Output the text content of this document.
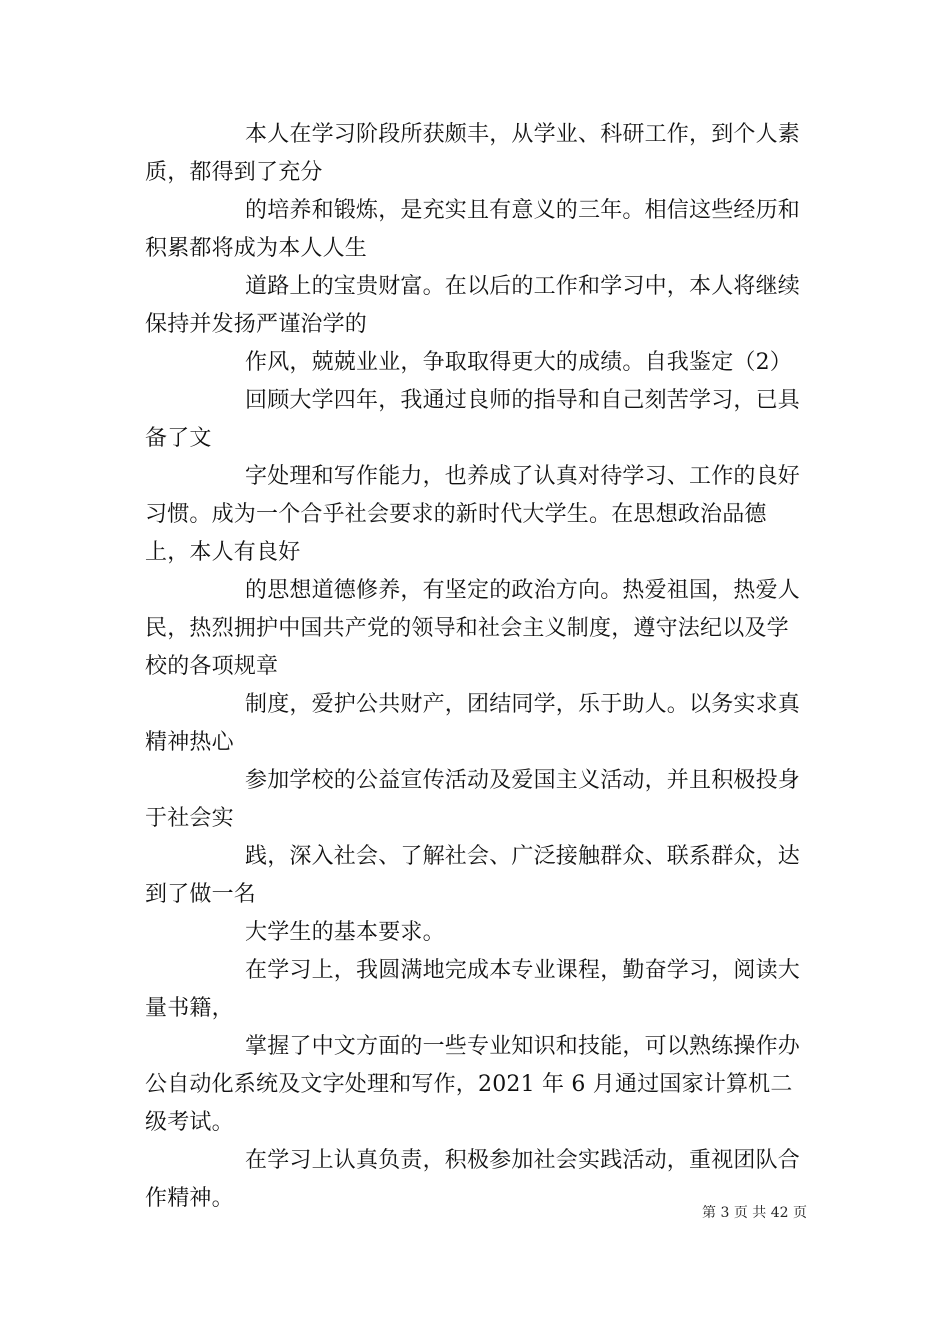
本人在学习阶段所获颇丰，从学业、科研工作，到个人素质，都得到了充分

的培养和锻炼，是充实且有意义的三年。相信这些经历和积累都将成为本人人生

道路上的宝贵财富。在以后的工作和学习中，本人将继续保持并发扬严谨治学的

作风，兢兢业业，争取取得更大的成绩。自我鉴定（2）

回顾大学四年，我通过良师的指导和自己刻苦学习，已具备了文

字处理和写作能力，也养成了认真对待学习、工作的良好习惯。成为一个合乎社会要求的新时代大学生。在思想政治品德上，本人有良好

的思想道德修养，有坚定的政治方向。热爱祖国，热爱人民，热烈拥护中国共产党的领导和社会主义制度，遵守法纪以及学校的各项规章

制度，爱护公共财产，团结同学，乐于助人。以务实求真精神热心

参加学校的公益宣传活动及爱国主义活动，并且积极投身于社会实

践，深入社会、了解社会、广泛接触群众、联系群众，达到了做一名

大学生的基本要求。

在学习上，我圆满地完成本专业课程，勤奋学习，阅读大量书籍，

掌握了中文方面的一些专业知识和技能，可以熟练操作办公自动化系统及文字处理和写作，2021 年 6 月通过国家计算机二级考试。

在学习上认真负责，积极参加社会实践活动，重视团队合作精神。

第 3 页 共 42 页
